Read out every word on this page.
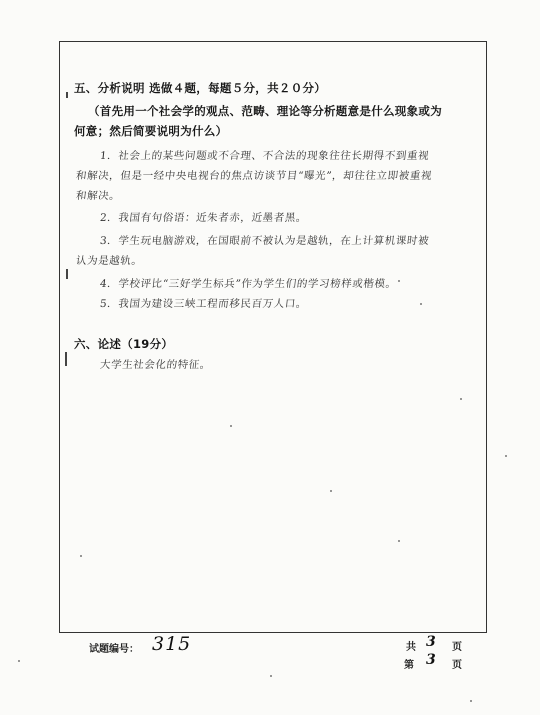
五、分析说明 选做４题，每题５分，共２０分）
（首先用一个社会学的观点、范畴、理论等分析题意是什么现象或为
何意；然后简要说明为什么）
1．社会上的某些问题或不合理、不合法的现象往往长期得不到重视
和解决，但是一经中央电视台的焦点访谈节目“曝光”，却往往立即被重视
和解决。
2．我国有句俗语：近朱者赤，近墨者黑。
3．学生玩电脑游戏，在国眼前不被认为是越轨，在上计算机课时被
认为是越轨。
4．学校评比“三好学生标兵”作为学生们的学习榜样或楷模。
5．我国为建设三峡工程而移民百万人口。
六、论述（19分）
大学生社会化的特征。
试题编号： 315	共 3 页
第 3 页
